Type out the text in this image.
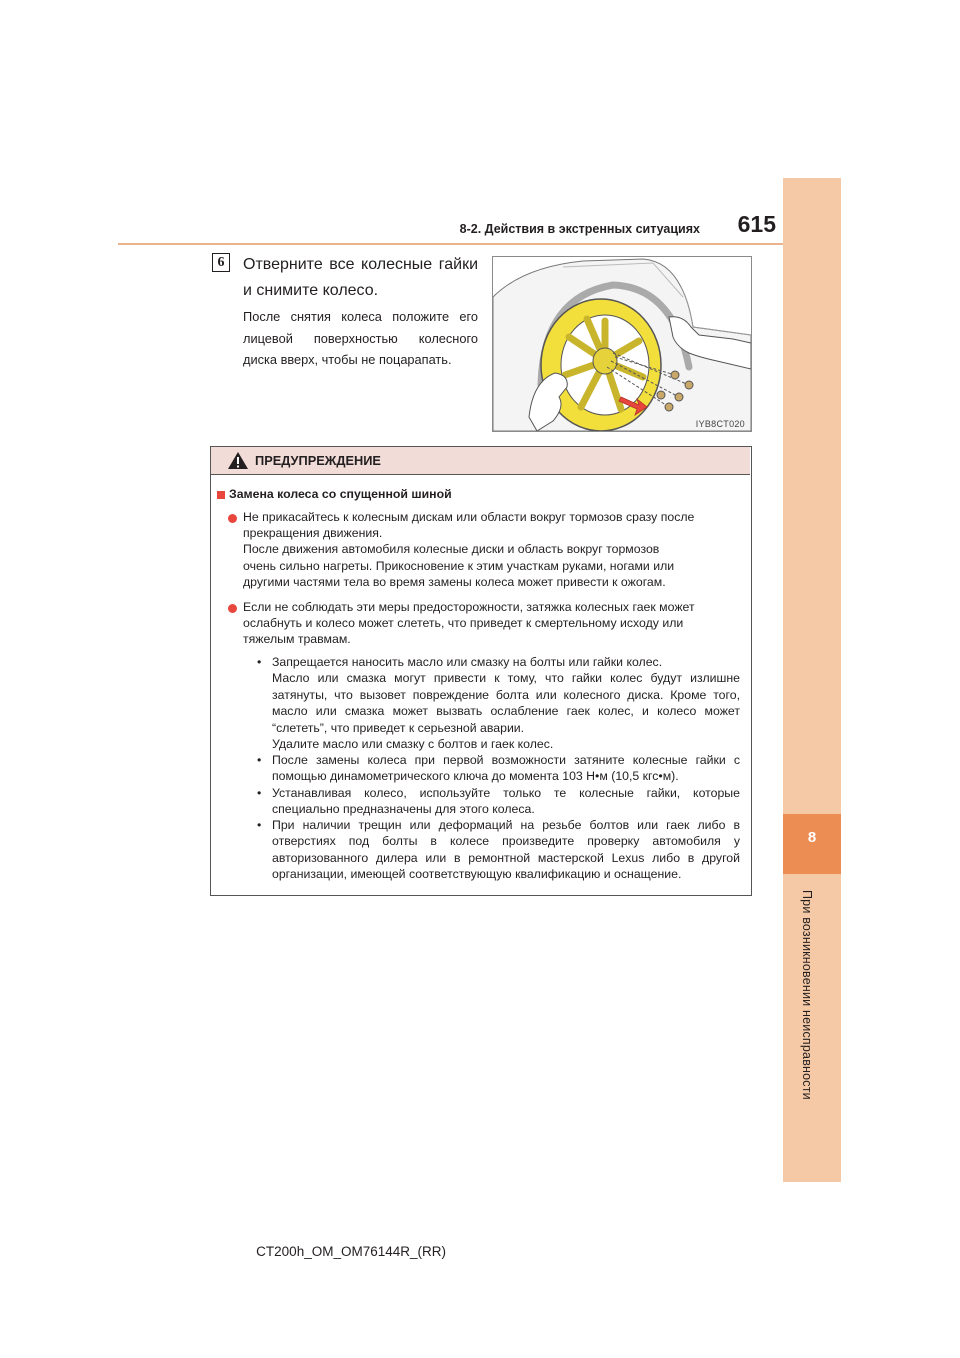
8-2. Действия в экстренных ситуациях	615
8
При возникновении неисправности
6	Отверните все колесные гайки и снимите колесо.
После снятия колеса положите его лицевой поверхностью колесного диска вверх, чтобы не поцарапать.
IYB8CT020
ПРЕДУПРЕЖДЕНИЕ
Замена колеса со спущенной шиной
Не прикасайтесь к колесным дискам или области вокруг тормозов сразу после
прекращения движения.
После движения автомобиля колесные диски и область вокруг тормозов
очень сильно нагреты. Прикосновение к этим участкам руками, ногами или
другими частями тела во время замены колеса может привести к ожогам.
Если не соблюдать эти меры предосторожности, затяжка колесных гаек может
ослабнуть и колесо может слететь, что приведет к смертельному исходу или
тяжелым травмам.
• Запрещается наносить масло или смазку на болты или гайки колес.
Масло или смазка могут привести к тому, что гайки колес будут излишне затянуты, что вызовет повреждение болта или колесного диска. Кроме того, масло или смазка может вызвать ослабление гаек колес, и колесо может “слететь”, что приведет к серьезной аварии.
Удалите масло или смазку с болтов и гаек колес.
• После замены колеса при первой возможности затяните колесные гайки с помощью динамометрического ключа до момента 103 Н•м (10,5 кгс•м).
• Устанавливая колесо, используйте только те колесные гайки, которые специально предназначены для этого колеса.
• При наличии трещин или деформаций на резьбе болтов или гаек либо в отверстиях под болты в колесе произведите проверку автомобиля у авторизованного дилера или в ремонтной мастерской Lexus либо в другой организации, имеющей соответствующую квалификацию и оснащение.
CT200h_OM_OM76144R_(RR)
